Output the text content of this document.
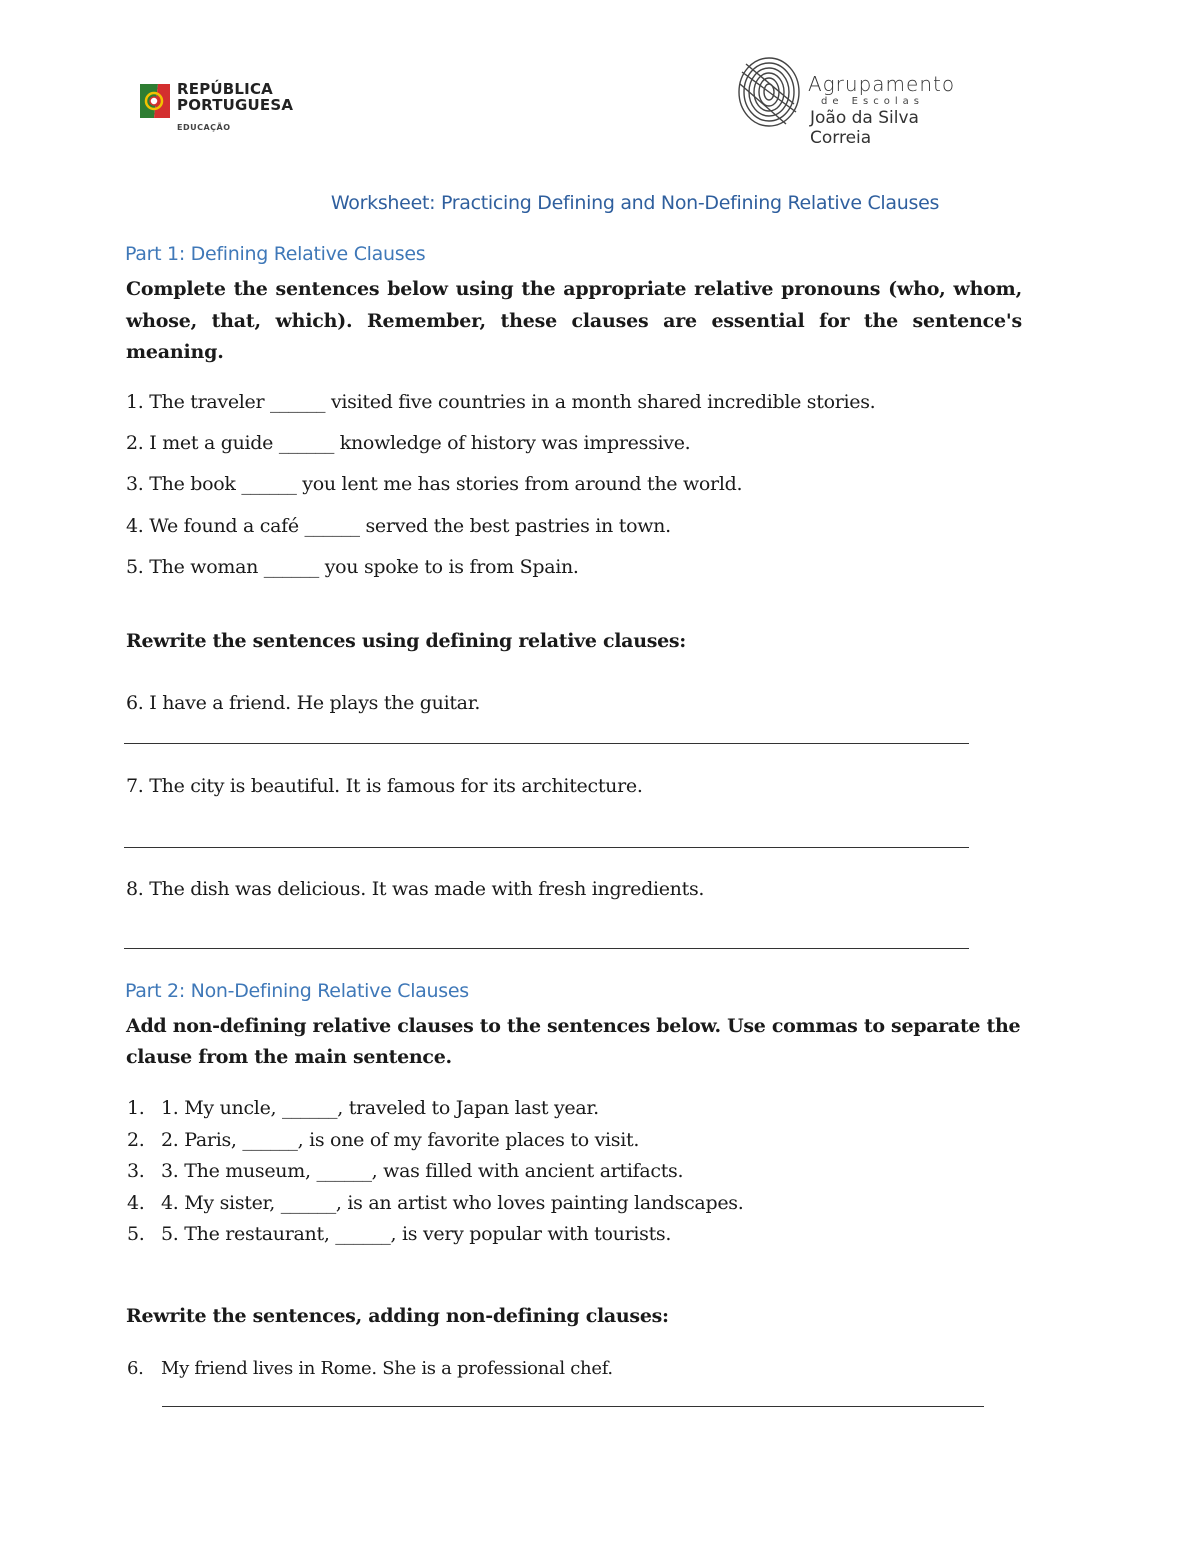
REPÚBLICA
PORTUGUESA
EDUCAÇÃO
Agrupamento
de Escolas
João da Silva Correia
Worksheet: Practicing Defining and Non-Defining Relative Clauses
Part 1: Defining Relative Clauses
Complete the sentences below using the appropriate relative pronouns (who, whom, whose, that, which). Remember, these clauses are essential for the sentence's meaning.
1. The traveler ______ visited five countries in a month shared incredible stories.
2. I met a guide ______ knowledge of history was impressive.
3. The book ______ you lent me has stories from around the world.
4. We found a café ______ served the best pastries in town.
5. The woman ______ you spoke to is from Spain.
Rewrite the sentences using defining relative clauses:
6. I have a friend. He plays the guitar.
7. The city is beautiful. It is famous for its architecture.
8. The dish was delicious. It was made with fresh ingredients.
Part 2: Non-Defining Relative Clauses
Add non-defining relative clauses to the sentences below. Use commas to separate the clause from the main sentence.
1. 1. My uncle, ______, traveled to Japan last year.
2. 2. Paris, ______, is one of my favorite places to visit.
3. 3. The museum, ______, was filled with ancient artifacts.
4. 4. My sister, ______, is an artist who loves painting landscapes.
5. 5. The restaurant, ______, is very popular with tourists.
Rewrite the sentences, adding non-defining clauses:
6. My friend lives in Rome. She is a professional chef.
